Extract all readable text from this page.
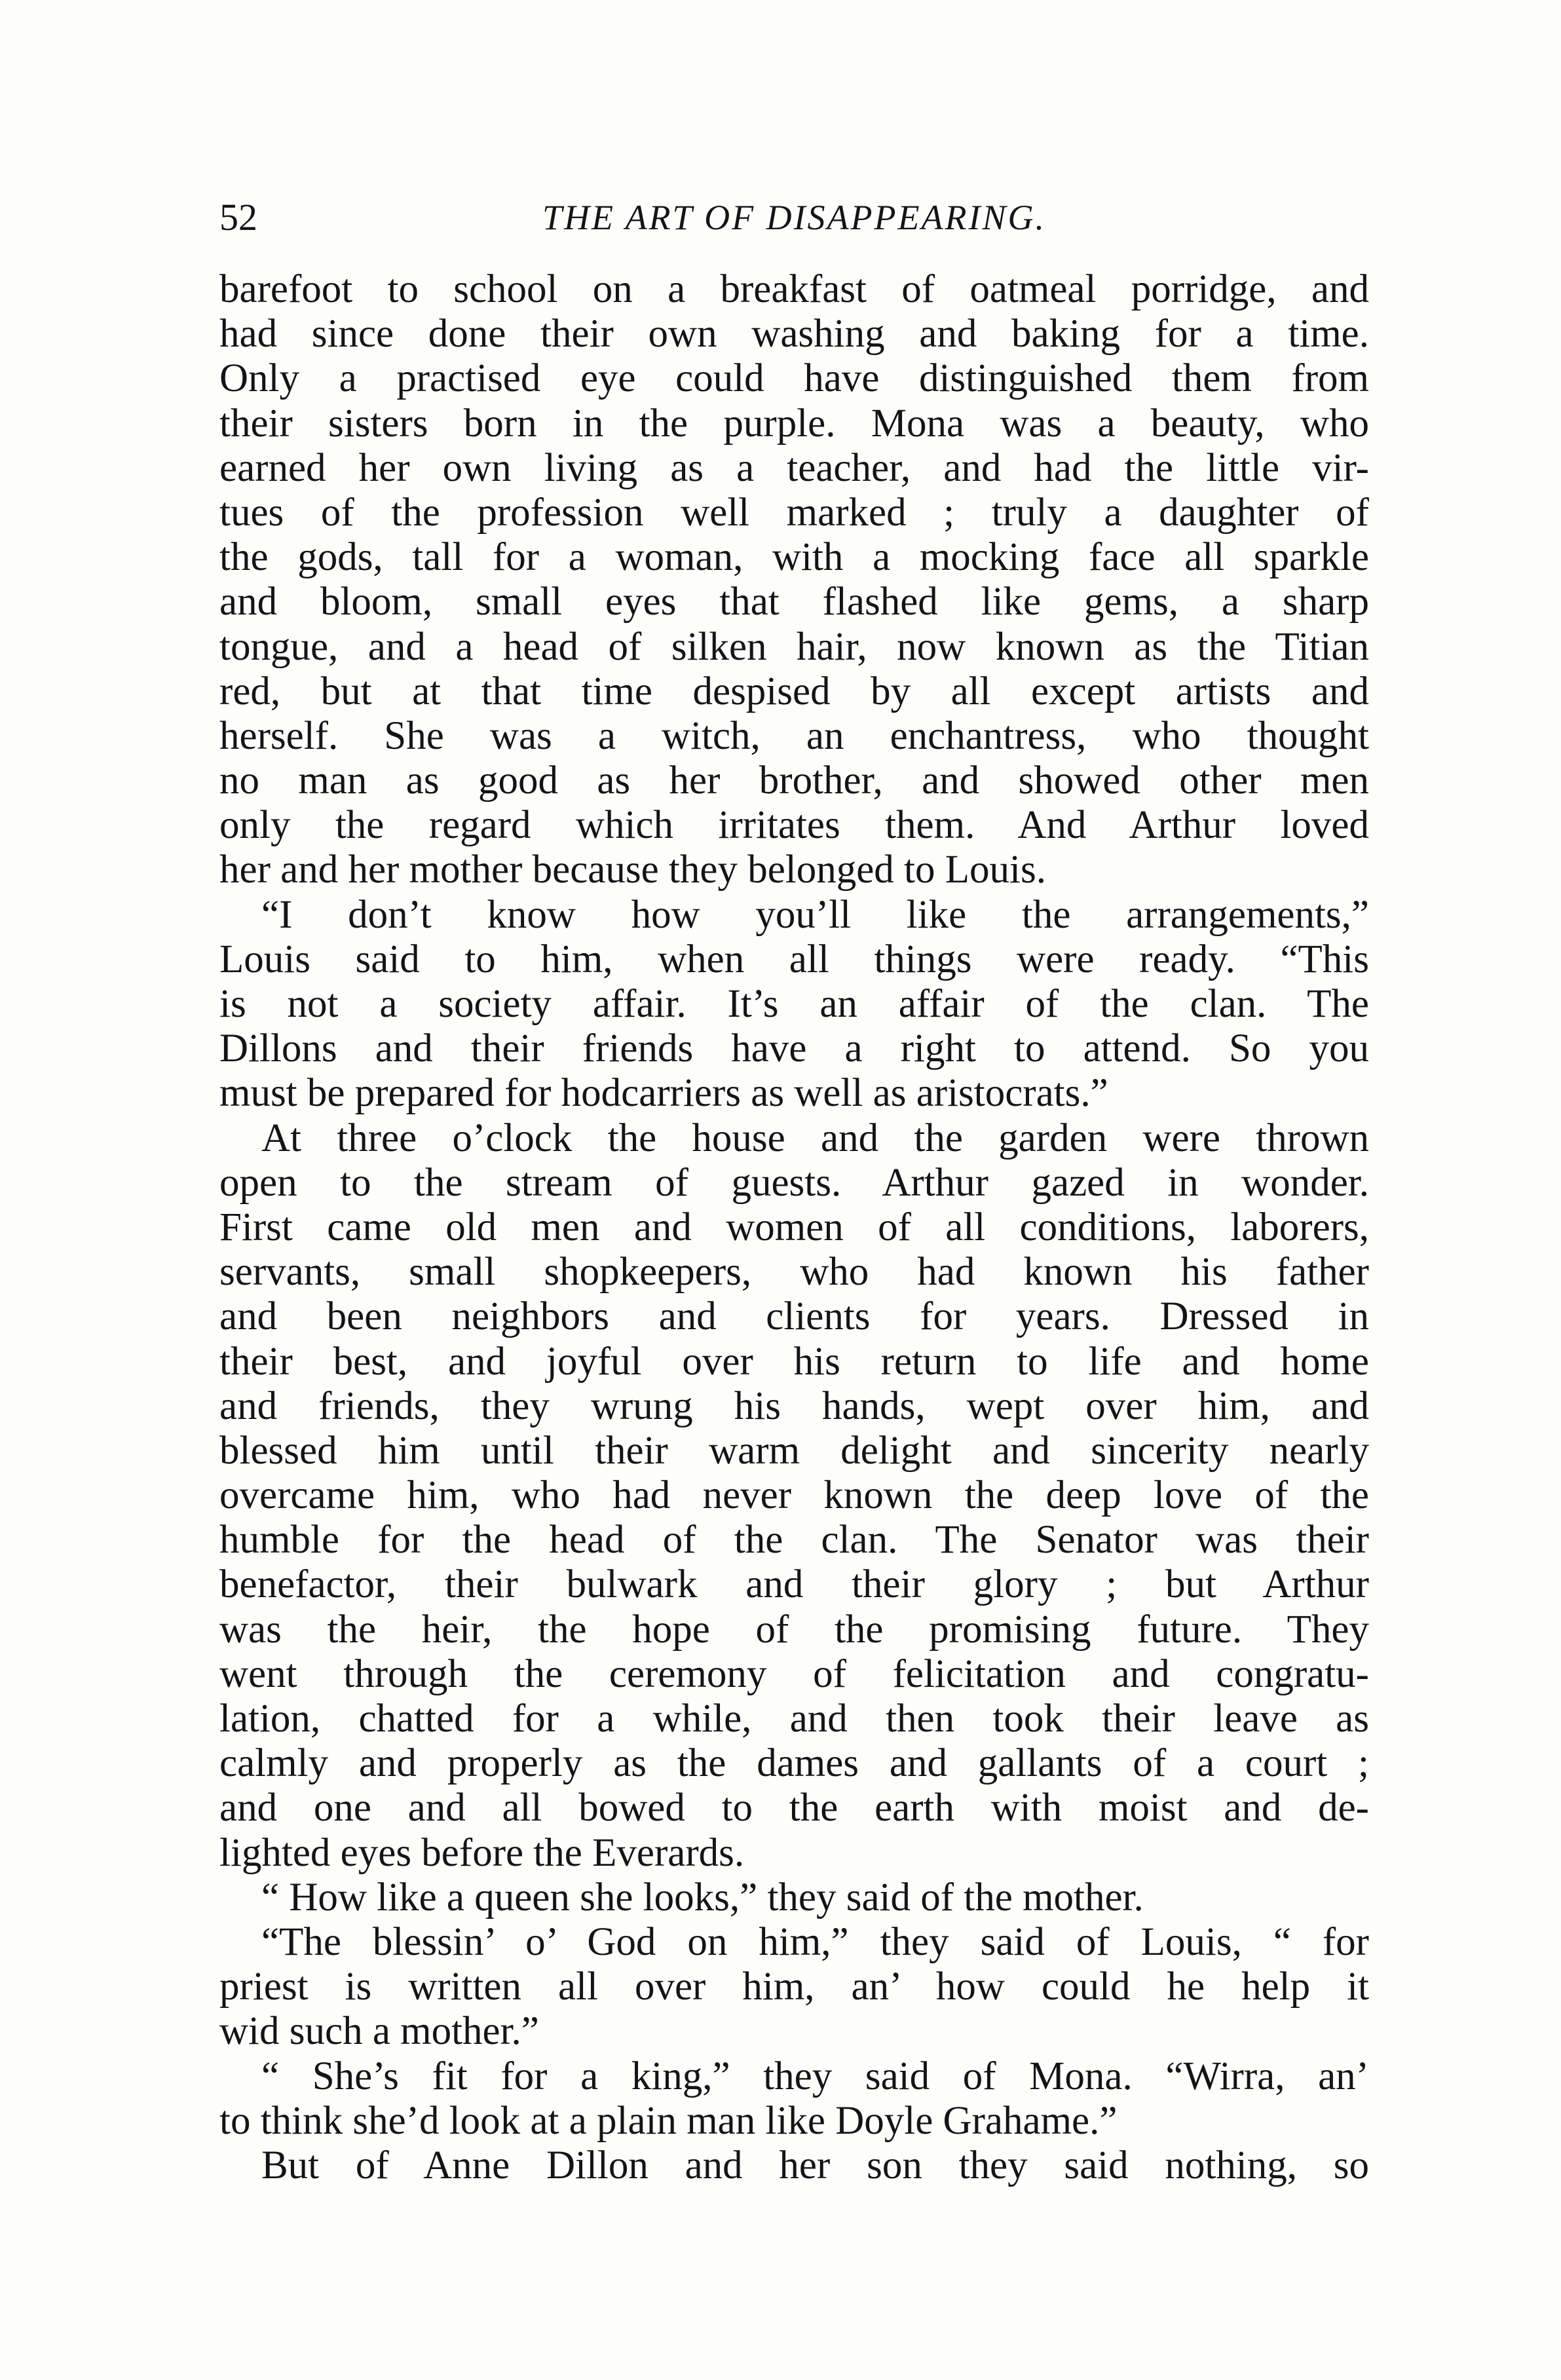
52	THE ART OF DISAPPEARING.
barefoot to school on a breakfast of oatmeal porridge, and
had since done their own washing and baking for a time.
Only a practised eye could have distinguished them from
their sisters born in the purple. Mona was a beauty, who
earned her own living as a teacher, and had the little vir-
tues of the profession well marked ; truly a daughter of
the gods, tall for a woman, with a mocking face all sparkle
and bloom, small eyes that flashed like gems, a sharp
tongue, and a head of silken hair, now known as the Titian
red, but at that time despised by all except artists and
herself. She was a witch, an enchantress, who thought
no man as good as her brother, and showed other men
only the regard which irritates them. And Arthur loved
her and her mother because they belonged to Louis.
“I don’t know how you’ll like the arrangements,”
Louis said to him, when all things were ready. “This
is not a society affair. It’s an affair of the clan. The
Dillons and their friends have a right to attend. So you
must be prepared for hodcarriers as well as aristocrats.”
At three o’clock the house and the garden were thrown
open to the stream of guests. Arthur gazed in wonder.
First came old men and women of all conditions, laborers,
servants, small shopkeepers, who had known his father
and been neighbors and clients for years. Dressed in
their best, and joyful over his return to life and home
and friends, they wrung his hands, wept over him, and
blessed him until their warm delight and sincerity nearly
overcame him, who had never known the deep love of the
humble for the head of the clan. The Senator was their
benefactor, their bulwark and their glory ; but Arthur
was the heir, the hope of the promising future. They
went through the ceremony of felicitation and congratu-
lation, chatted for a while, and then took their leave as
calmly and properly as the dames and gallants of a court ;
and one and all bowed to the earth with moist and de-
lighted eyes before the Everards.
“ How like a queen she looks,” they said of the mother.
“The blessin’ o’ God on him,” they said of Louis, “ for
priest is written all over him, an’ how could he help it
wid such a mother.”
“ She’s fit for a king,” they said of Mona. “Wirra, an’
to think she’d look at a plain man like Doyle Grahame.”
But of Anne Dillon and her son they said nothing, so
